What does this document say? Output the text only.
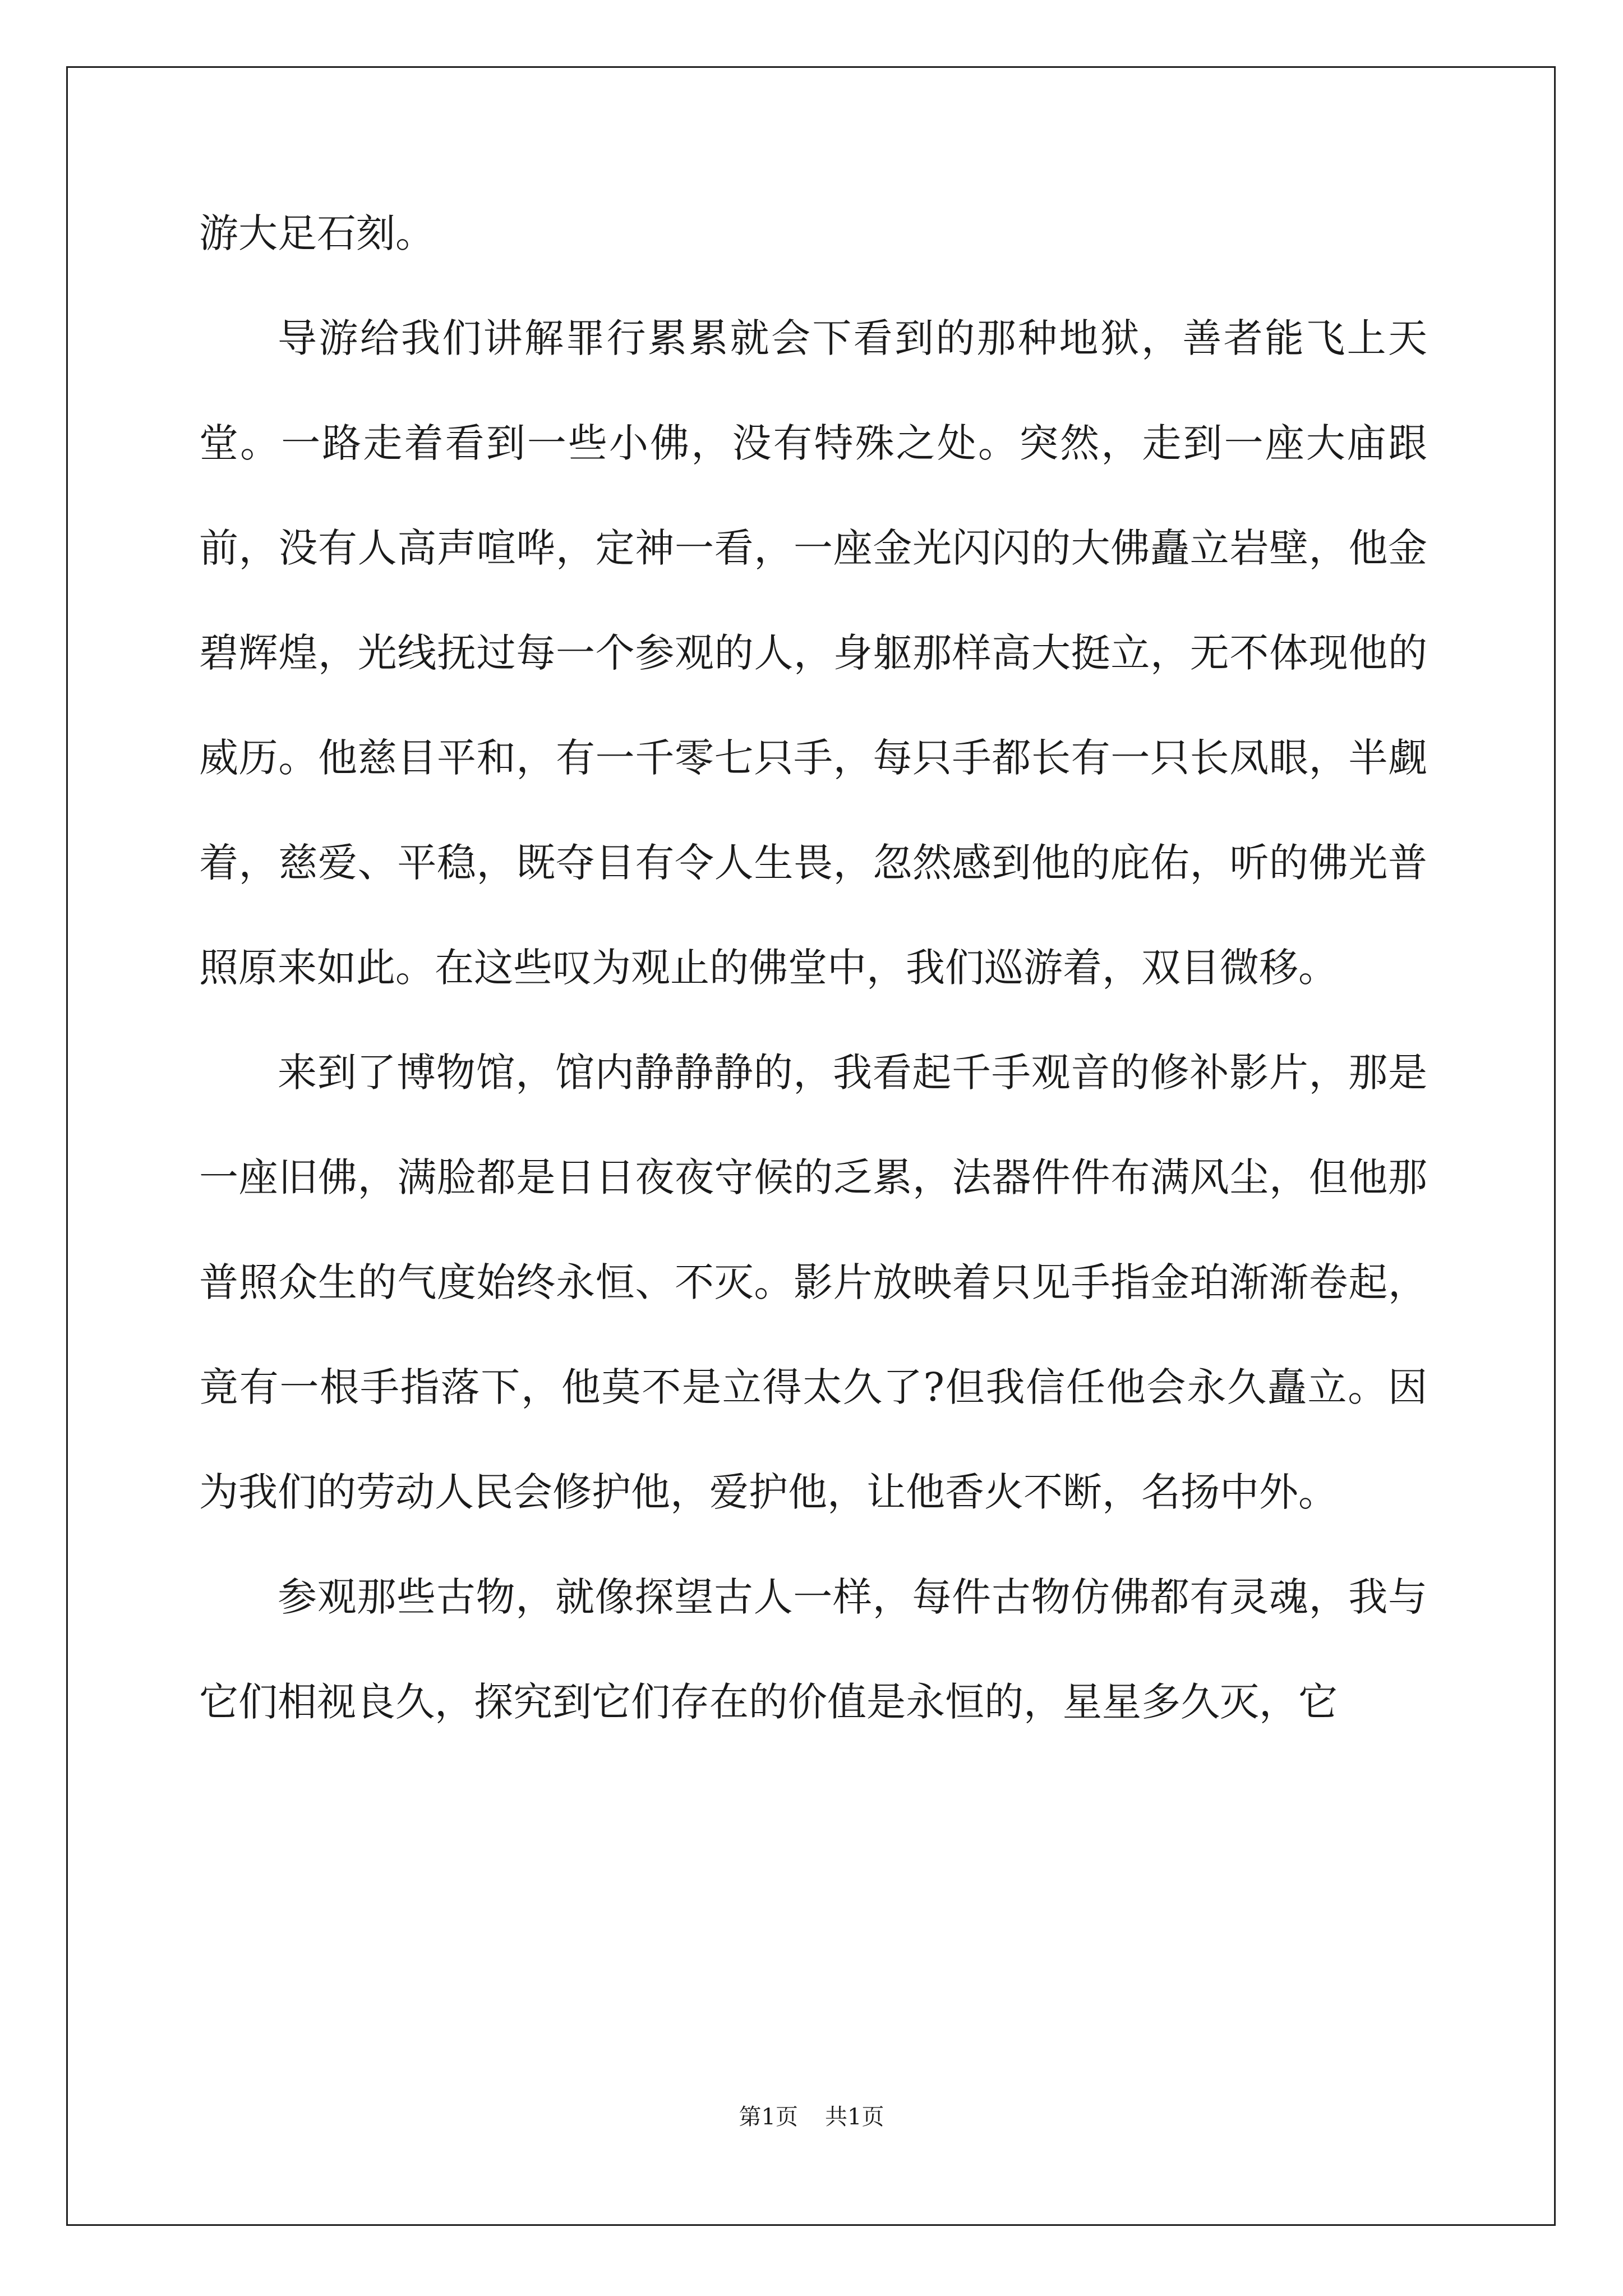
游大足石刻。

导游给我们讲解罪行累累就会下看到的那种地狱，善者能飞上天堂。一路走着看到一些小佛，没有特殊之处。突然，走到一座大庙跟前，没有人高声喧哗，定神一看，一座金光闪闪的大佛矗立岩壁，他金碧辉煌，光线抚过每一个参观的人，身躯那样高大挺立，无不体现他的威历。他慈目平和，有一千零七只手，每只手都长有一只长凤眼，半觑着，慈爱、平稳，既夺目有令人生畏，忽然感到他的庇佑，听的佛光普照原来如此。在这些叹为观止的佛堂中，我们巡游着，双目微移。

来到了博物馆，馆内静静静的，我看起千手观音的修补影片，那是一座旧佛，满脸都是日日夜夜守候的乏累，法器件件布满风尘，但他那普照众生的气度始终永恒、不灭。影片放映着只见手指金珀渐渐卷起，竟有一根手指落下，他莫不是立得太久了?但我信任他会永久矗立。因为我们的劳动人民会修护他，爱护他，让他香火不断，名扬中外。

参观那些古物，就像探望古人一样，每件古物仿佛都有灵魂，我与它们相视良久，探究到它们存在的价值是永恒的，星星多久灭，它

第1页 共1页
